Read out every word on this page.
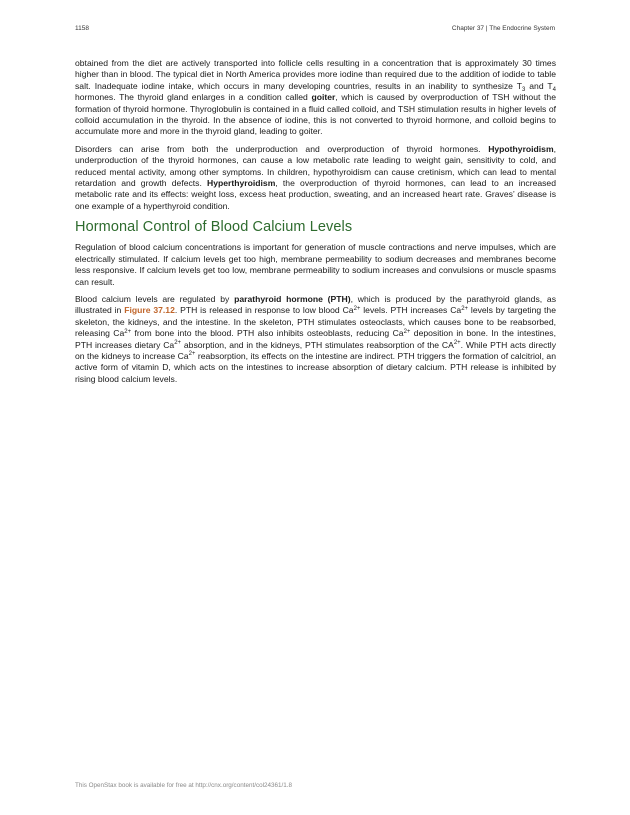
1158	Chapter 37 | The Endocrine System

obtained from the diet are actively transported into follicle cells resulting in a concentration that is approximately 30 times higher than in blood. The typical diet in North America provides more iodine than required due to the addition of iodide to table salt. Inadequate iodine intake, which occurs in many developing countries, results in an inability to synthesize $T_3$ and $T_4$ hormones. The thyroid gland enlarges in a condition called goiter, which is caused by overproduction of TSH without the formation of thyroid hormone. Thyroglobulin is contained in a fluid called colloid, and TSH stimulation results in higher levels of colloid accumulation in the thyroid. In the absence of iodine, this is not converted to thyroid hormone, and colloid begins to accumulate more and more in the thyroid gland, leading to goiter.

Disorders can arise from both the underproduction and overproduction of thyroid hormones. Hypothyroidism, underproduction of the thyroid hormones, can cause a low metabolic rate leading to weight gain, sensitivity to cold, and reduced mental activity, among other symptoms. In children, hypothyroidism can cause cretinism, which can lead to mental retardation and growth defects. Hyperthyroidism, the overproduction of thyroid hormones, can lead to an increased metabolic rate and its effects: weight loss, excess heat production, sweating, and an increased heart rate. Graves’ disease is one example of a hyperthyroid condition.

Hormonal Control of Blood Calcium Levels

Regulation of blood calcium concentrations is important for generation of muscle contractions and nerve impulses, which are electrically stimulated. If calcium levels get too high, membrane permeability to sodium decreases and membranes become less responsive. If calcium levels get too low, membrane permeability to sodium increases and convulsions or muscle spasms can result.

Blood calcium levels are regulated by parathyroid hormone (PTH), which is produced by the parathyroid glands, as illustrated in Figure 37.12. PTH is released in response to low blood $Ca^{2+}$ levels. PTH increases $Ca^{2+}$ levels by targeting the skeleton, the kidneys, and the intestine. In the skeleton, PTH stimulates osteoclasts, which causes bone to be reabsorbed, releasing $Ca^{2+}$ from bone into the blood. PTH also inhibits osteoblasts, reducing $Ca^{2+}$ deposition in bone. In the intestines, PTH increases dietary $Ca^{2+}$ absorption, and in the kidneys, PTH stimulates reabsorption of the $CA^{2+}$. While PTH acts directly on the kidneys to increase $Ca^{2+}$ reabsorption, its effects on the intestine are indirect. PTH triggers the formation of calcitriol, an active form of vitamin D, which acts on the intestines to increase absorption of dietary calcium. PTH release is inhibited by rising blood calcium levels.

This OpenStax book is available for free at http://cnx.org/content/col24361/1.8
